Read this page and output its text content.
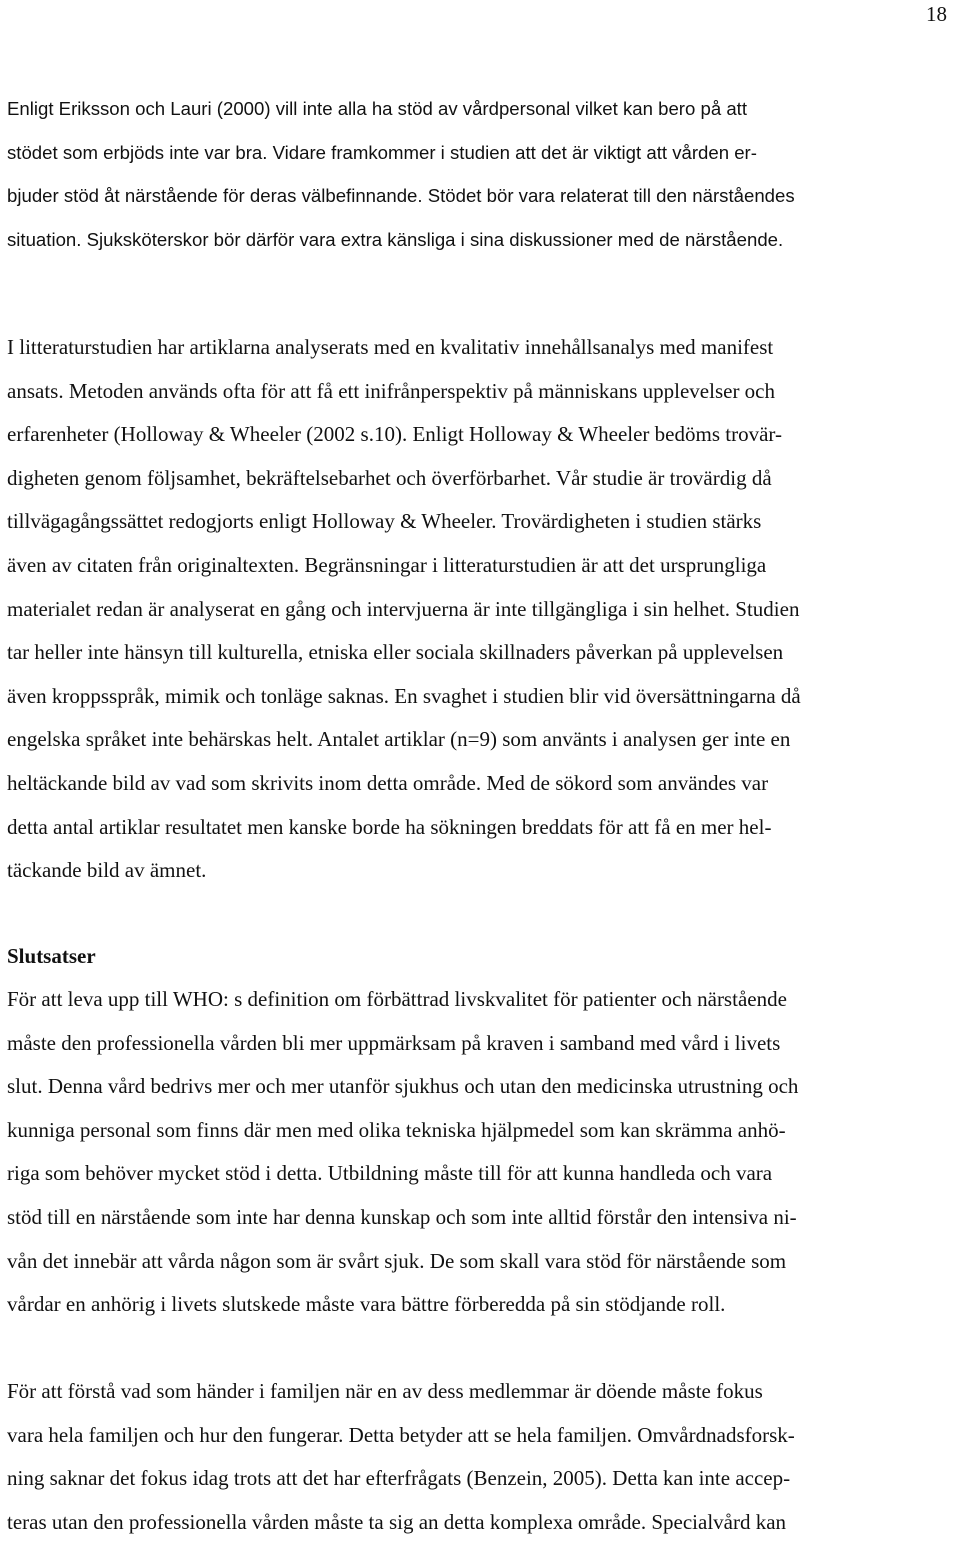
18
Enligt Eriksson och Lauri (2000) vill inte alla ha stöd av vårdpersonal vilket kan bero på att
stödet som erbjöds inte var bra. Vidare framkommer i studien att det är viktigt att vården er-
bjuder stöd åt närstående för deras välbefinnande. Stödet bör vara relaterat till den närståendes
situation. Sjuksköterskor bör därför vara extra känsliga i sina diskussioner med de närstående.
I litteraturstudien har artiklarna analyserats med en kvalitativ innehållsanalys med manifest
ansats. Metoden används ofta för att få ett inifrånperspektiv på människans upplevelser och
erfarenheter (Holloway & Wheeler (2002 s.10). Enligt Holloway & Wheeler bedöms trovär-
digheten genom följsamhet, bekräftelsebarhet och överförbarhet. Vår studie är trovärdig då
tillvägagångssättet redogjorts enligt Holloway & Wheeler. Trovärdigheten i studien stärks
även av citaten från originaltexten. Begränsningar i litteraturstudien är att det ursprungliga
materialet redan är analyserat en gång och intervjuerna är inte tillgängliga i sin helhet. Studien
tar heller inte hänsyn till kulturella, etniska eller sociala skillnaders påverkan på upplevelsen
även kroppsspråk, mimik och tonläge saknas. En svaghet i studien blir vid översättningarna då
engelska språket inte behärskas helt. Antalet artiklar (n=9) som använts i analysen ger inte en
heltäckande bild av vad som skrivits inom detta område. Med de sökord som användes var
detta antal artiklar resultatet men kanske borde ha sökningen breddats för att få en mer hel-
täckande bild av ämnet.
Slutsatser
För att leva upp till WHO: s definition om förbättrad livskvalitet för patienter och närstående
måste den professionella vården bli mer uppmärksam på kraven i samband med vård i livets
slut. Denna vård bedrivs mer och mer utanför sjukhus och utan den medicinska utrustning och
kunniga personal som finns där men med olika tekniska hjälpmedel som kan skrämma anhö-
riga som behöver mycket stöd i detta. Utbildning måste till för att kunna handleda och vara
stöd till en närstående som inte har denna kunskap och som inte alltid förstår den intensiva ni-
vån det innebär att vårda någon som är svårt sjuk. De som skall vara stöd för närstående som
vårdar en anhörig i livets slutskede måste vara bättre förberedda på sin stödjande roll.
För att förstå vad som händer i familjen när en av dess medlemmar är döende måste fokus
vara hela familjen och hur den fungerar. Detta betyder att se hela familjen. Omvårdnadsforsk-
ning saknar det fokus idag trots att det har efterfrågats (Benzein, 2005). Detta kan inte accep-
teras utan den professionella vården måste ta sig an detta komplexa område. Specialvård kan
